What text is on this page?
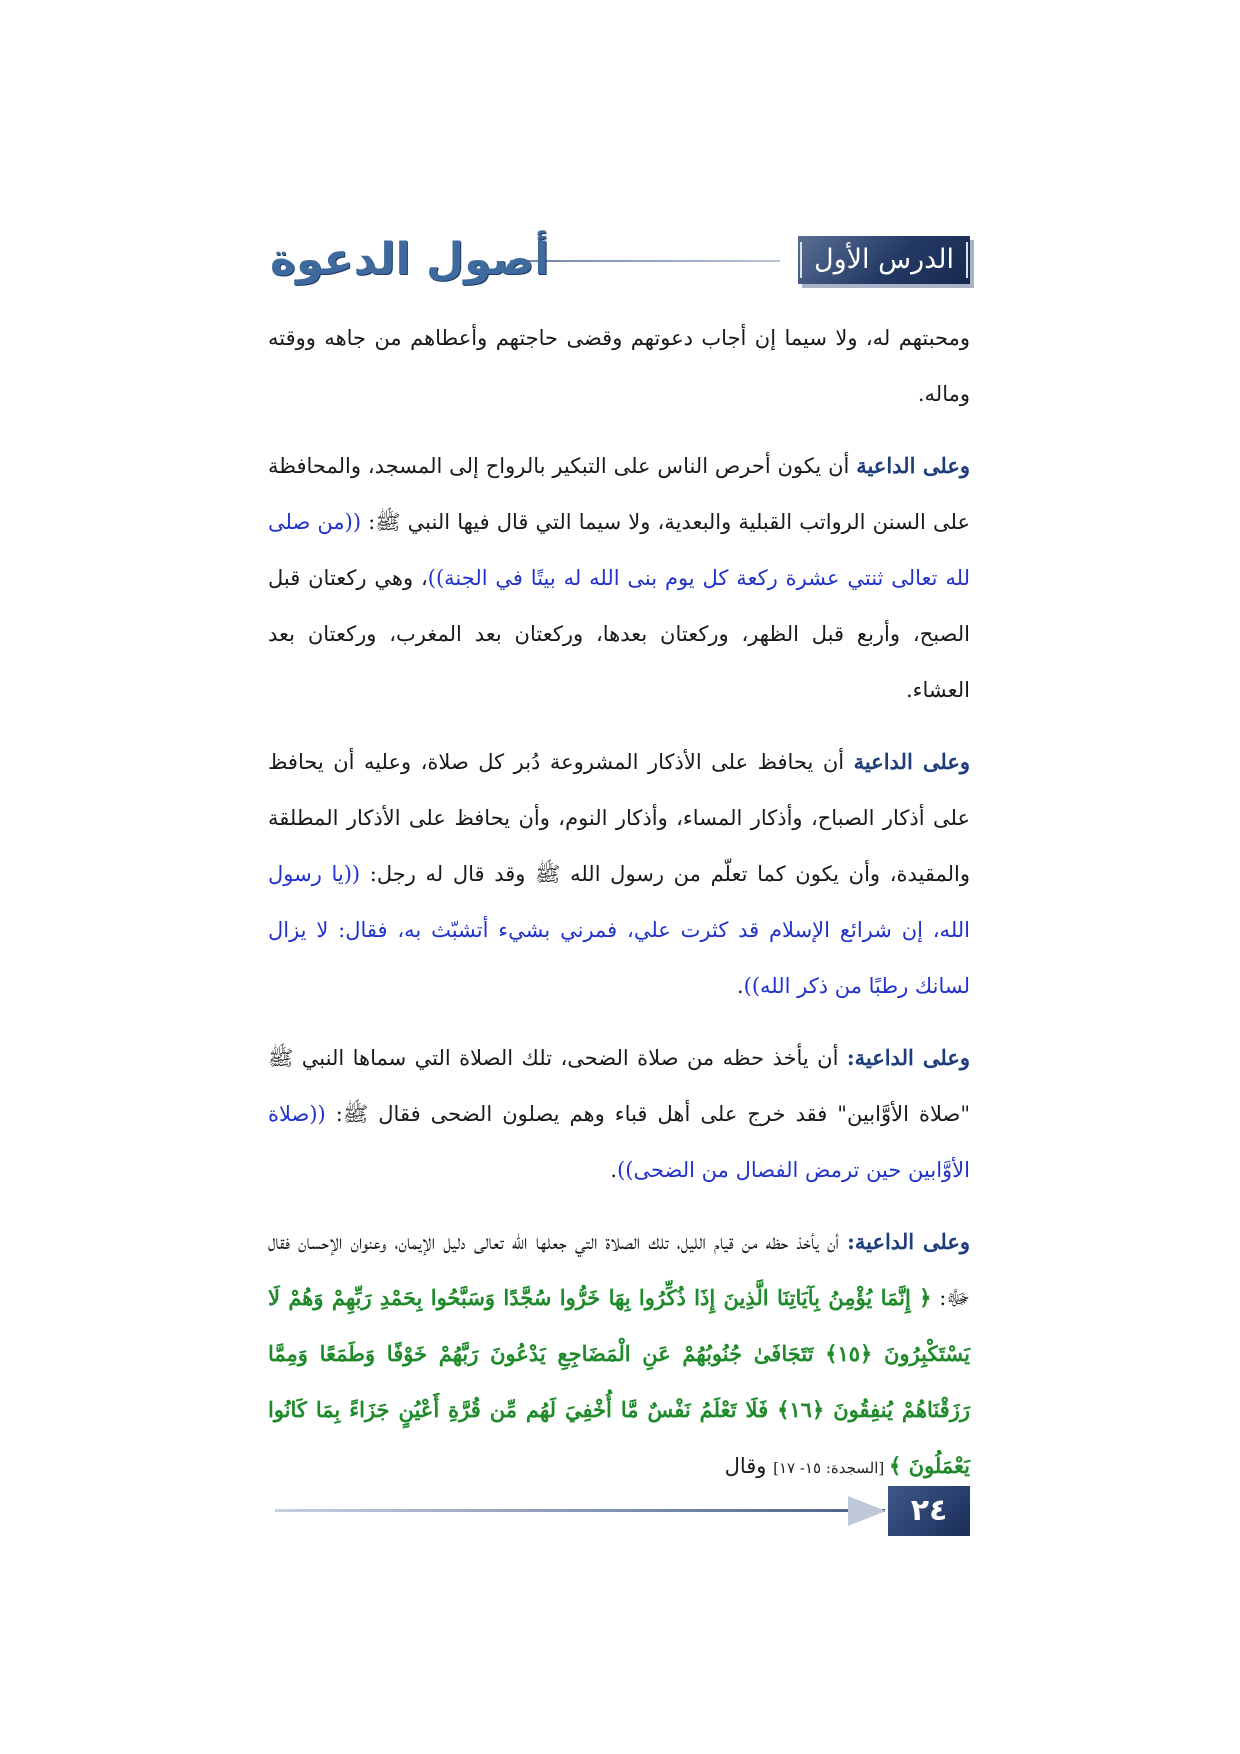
الدرس الأول
أصول الدعوة

ومحبتهم له، ولا سيما إن أجاب دعوتهم وقضى حاجتهم وأعطاهم من جاهه ووقته وماله.

وعلى الداعية أن يكون أحرص الناس على التبكير بالرواح إلى المسجد، والمحافظة على السنن الرواتب القبلية والبعدية، ولا سيما التي قال فيها النبي ﷺ: ((من صلى لله تعالى ثنتي عشرة ركعة كل يوم بنى الله له بيتًا في الجنة))، وهي ركعتان قبل الصبح، وأربع قبل الظهر، وركعتان بعدها، وركعتان بعد المغرب، وركعتان بعد العشاء.

وعلى الداعية أن يحافظ على الأذكار المشروعة دُبر كل صلاة، وعليه أن يحافظ على أذكار الصباح، وأذكار المساء، وأذكار النوم، وأن يحافظ على الأذكار المطلقة والمقيدة، وأن يكون كما تعلّم من رسول الله ﷺ وقد قال له رجل: ((يا رسول الله، إن شرائع الإسلام قد كثرت علي، فمرني بشيء أتشبّث به، فقال: لا يزال لسانك رطبًا من ذكر الله)).

وعلى الداعية: أن يأخذ حظه من صلاة الضحى، تلك الصلاة التي سماها النبي ﷺ "صلاة الأوَّابين" فقد خرج على أهل قباء وهم يصلون الضحى فقال ﷺ: ((صلاة الأوَّابين حين ترمض الفصال من الضحى)).

وعلى الداعية: أن يأخذ حظه من قيام الليل، تلك الصلاة التي جعلها الله تعالى دليل الإيمان، وعنوان الإحسان فقال ﷻ: ﴿ إِنَّمَا يُؤْمِنُ بِآيَاتِنَا الَّذِينَ إِذَا ذُكِّرُوا بِهَا خَرُّوا سُجَّدًا وَسَبَّحُوا بِحَمْدِ رَبِّهِمْ وَهُمْ لَا يَسْتَكْبِرُونَ ﴿١٥﴾ تَتَجَافَىٰ جُنُوبُهُمْ عَنِ الْمَضَاجِعِ يَدْعُونَ رَبَّهُمْ خَوْفًا وَطَمَعًا وَمِمَّا رَزَقْنَاهُمْ يُنفِقُونَ ﴿١٦﴾ فَلَا تَعْلَمُ نَفْسٌ مَّا أُخْفِيَ لَهُم مِّن قُرَّةِ أَعْيُنٍ جَزَاءً بِمَا كَانُوا يَعْمَلُونَ ﴾ [السجدة: ١٥- ١٧] وقال

٢٤
